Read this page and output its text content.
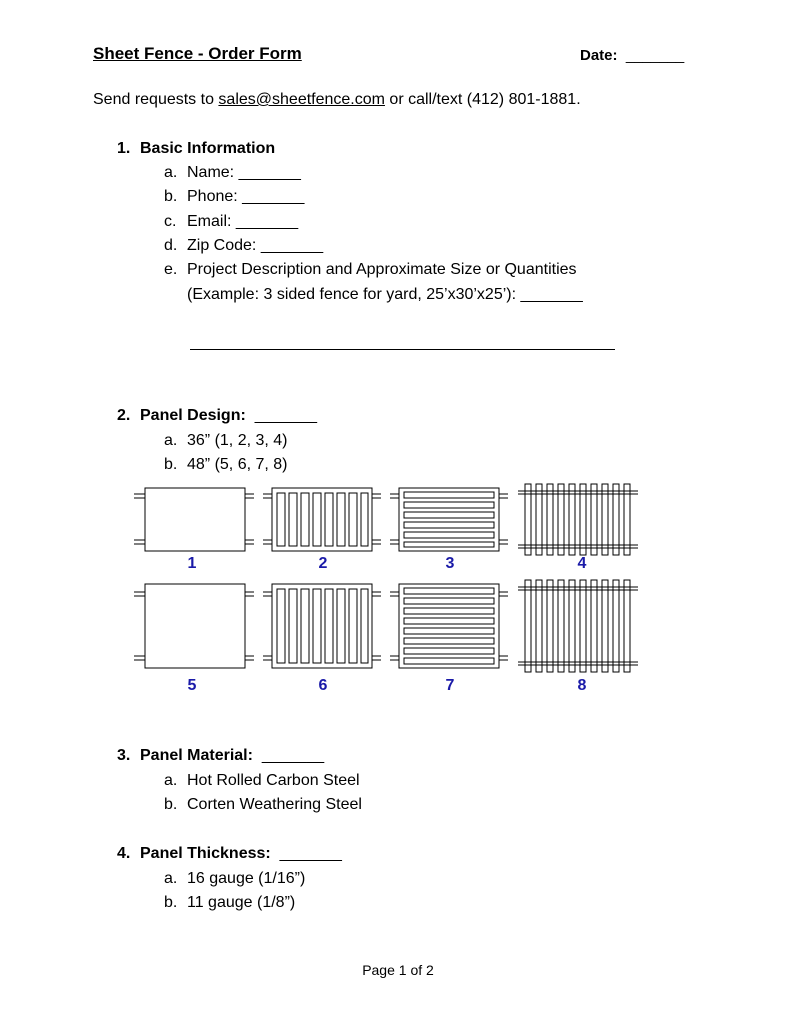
Sheet Fence - Order Form	Date: _______
Send requests to sales@sheetfence.com or call/text (412) 801-1881.
1. Basic Information
a. Name: _______
b. Phone: _______
c. Email: _______
d. Zip Code: _______
e. Project Description and Approximate Size or Quantities
(Example: 3 sided fence for yard, 25’x30’x25’): _______
2. Panel Design: _______
a. 36” (1, 2, 3, 4)
b. 48” (5, 6, 7, 8)
1	2	3	4
5	6	7	8
3. Panel Material: _______
a. Hot Rolled Carbon Steel
b. Corten Weathering Steel
4. Panel Thickness: _______
a. 16 gauge (1/16”)
b. 11 gauge (1/8”)
Page 1 of 2
